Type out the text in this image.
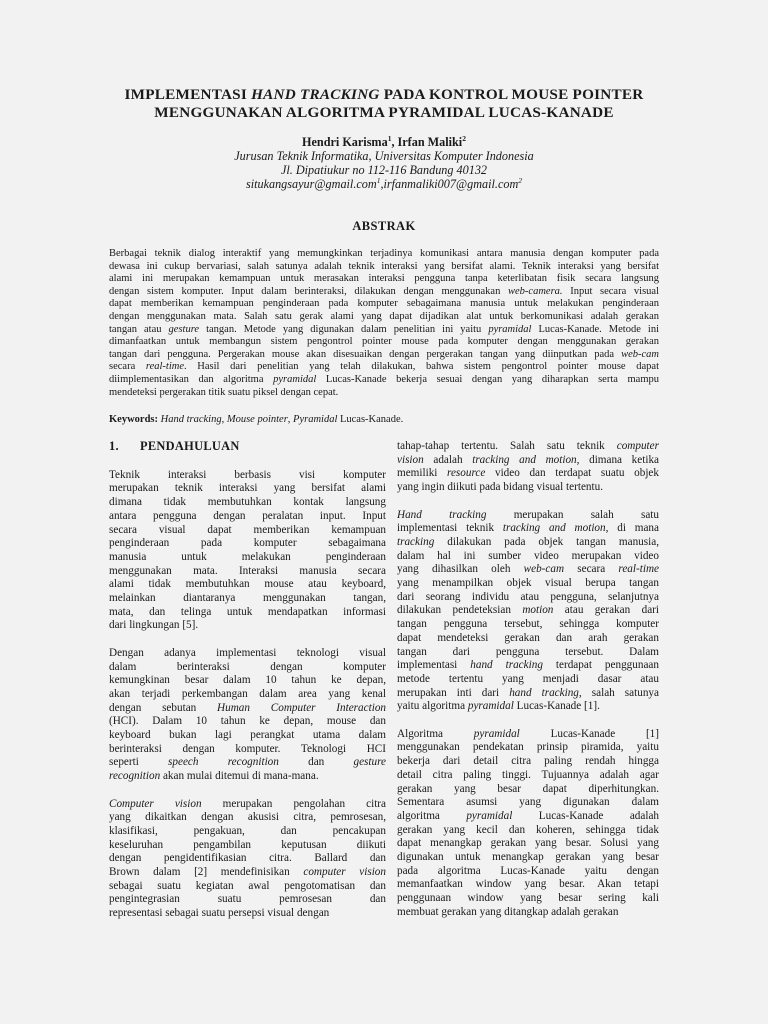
IMPLEMENTASI HAND TRACKING PADA KONTROL MOUSE POINTER
MENGGUNAKAN ALGORITMA PYRAMIDAL LUCAS-KANADE
Hendri Karisma$^1$, Irfan Maliki$^2$
Jurusan Teknik Informatika, Universitas Komputer Indonesia
Jl. Dipatiukur no 112-116 Bandung 40132
situkangsayur@gmail.com$^1$,irfanmaliki007@gmail.com$^2$
ABSTRAK
Berbagai teknik dialog interaktif yang memungkinkan terjadinya komunikasi antara manusia dengan komputer pada
dewasa ini cukup bervariasi, salah satunya adalah teknik interaksi yang bersifat alami. Teknik interaksi yang bersifat
alami ini merupakan kemampuan untuk merasakan interaksi pengguna tanpa keterlibatan fisik secara langsung
dengan sistem komputer. Input dalam berinteraksi, dilakukan dengan menggunakan web-camera. Input secara visual
dapat memberikan kemampuan penginderaan pada komputer sebagaimana manusia untuk melakukan penginderaan
dengan menggunakan mata. Salah satu gerak alami yang dapat dijadikan alat untuk berkomunikasi adalah gerakan
tangan atau gesture tangan. Metode yang digunakan dalam penelitian ini yaitu pyramidal Lucas-Kanade. Metode ini
dimanfaatkan untuk membangun sistem pengontrol pointer mouse pada komputer dengan menggunakan gerakan
tangan dari pengguna. Pergerakan mouse akan disesuaikan dengan pergerakan tangan yang diinputkan pada web-cam
secara real-time. Hasil dari penelitian yang telah dilakukan, bahwa sistem pengontrol pointer mouse dapat
diimplementasikan dan algoritma pyramidal Lucas-Kanade bekerja sesuai dengan yang diharapkan serta mampu
mendeteksi pergerakan titik suatu piksel dengan cepat.
Keywords: Hand tracking, Mouse pointer, Pyramidal Lucas-Kanade.
1. PENDAHULUAN
Teknik interaksi berbasis visi komputer
merupakan teknik interaksi yang bersifat alami
dimana tidak membutuhkan kontak langsung
antara pengguna dengan peralatan input. Input
secara visual dapat memberikan kemampuan
penginderaan pada komputer sebagaimana
manusia untuk melakukan penginderaan
menggunakan mata. Interaksi manusia secara
alami tidak membutuhkan mouse atau keyboard,
melainkan diantaranya menggunakan tangan,
mata, dan telinga untuk mendapatkan informasi
dari lingkungan [5].
Dengan adanya implementasi teknologi visual
dalam berinteraksi dengan komputer
kemungkinan besar dalam 10 tahun ke depan,
akan terjadi perkembangan dalam area yang kenal
dengan sebutan Human Computer Interaction
(HCI). Dalam 10 tahun ke depan, mouse dan
keyboard bukan lagi perangkat utama dalam
berinteraksi dengan komputer. Teknologi HCI
seperti speech recognition dan gesture
recognition akan mulai ditemui di mana-mana.
Computer vision merupakan pengolahan citra
yang dikaitkan dengan akusisi citra, pemrosesan,
klasifikasi, pengakuan, dan pencakupan
keseluruhan pengambilan keputusan diikuti
dengan pengidentifikasian citra. Ballard dan
Brown dalam [2] mendefinisikan computer vision
sebagai suatu kegiatan awal pengotomatisan dan
pengintegrasian suatu pemrosesan dan
representasi sebagai suatu persepsi visual dengan
tahap-tahap tertentu. Salah satu teknik computer
vision adalah tracking and motion, dimana ketika
memiliki resource video dan terdapat suatu objek
yang ingin diikuti pada bidang visual tertentu.
Hand tracking merupakan salah satu
implementasi teknik tracking and motion, di mana
tracking dilakukan pada objek tangan manusia,
dalam hal ini sumber video merupakan video
yang dihasilkan oleh web-cam secara real-time
yang menampilkan objek visual berupa tangan
dari seorang individu atau pengguna, selanjutnya
dilakukan pendeteksian motion atau gerakan dari
tangan pengguna tersebut, sehingga komputer
dapat mendeteksi gerakan dan arah gerakan
tangan dari pengguna tersebut. Dalam
implementasi hand tracking terdapat penggunaan
metode tertentu yang menjadi dasar atau
merupakan inti dari hand tracking, salah satunya
yaitu algoritma pyramidal Lucas-Kanade [1].
Algoritma pyramidal Lucas-Kanade [1]
menggunakan pendekatan prinsip piramida, yaitu
bekerja dari detail citra paling rendah hingga
detail citra paling tinggi. Tujuannya adalah agar
gerakan yang besar dapat diperhitungkan.
Sementara asumsi yang digunakan dalam
algoritma pyramidal Lucas-Kanade adalah
gerakan yang kecil dan koheren, sehingga tidak
dapat menangkap gerakan yang besar. Solusi yang
digunakan untuk menangkap gerakan yang besar
pada algoritma Lucas-Kanade yaitu dengan
memanfaatkan window yang besar. Akan tetapi
penggunaan window yang besar sering kali
membuat gerakan yang ditangkap adalah gerakan
